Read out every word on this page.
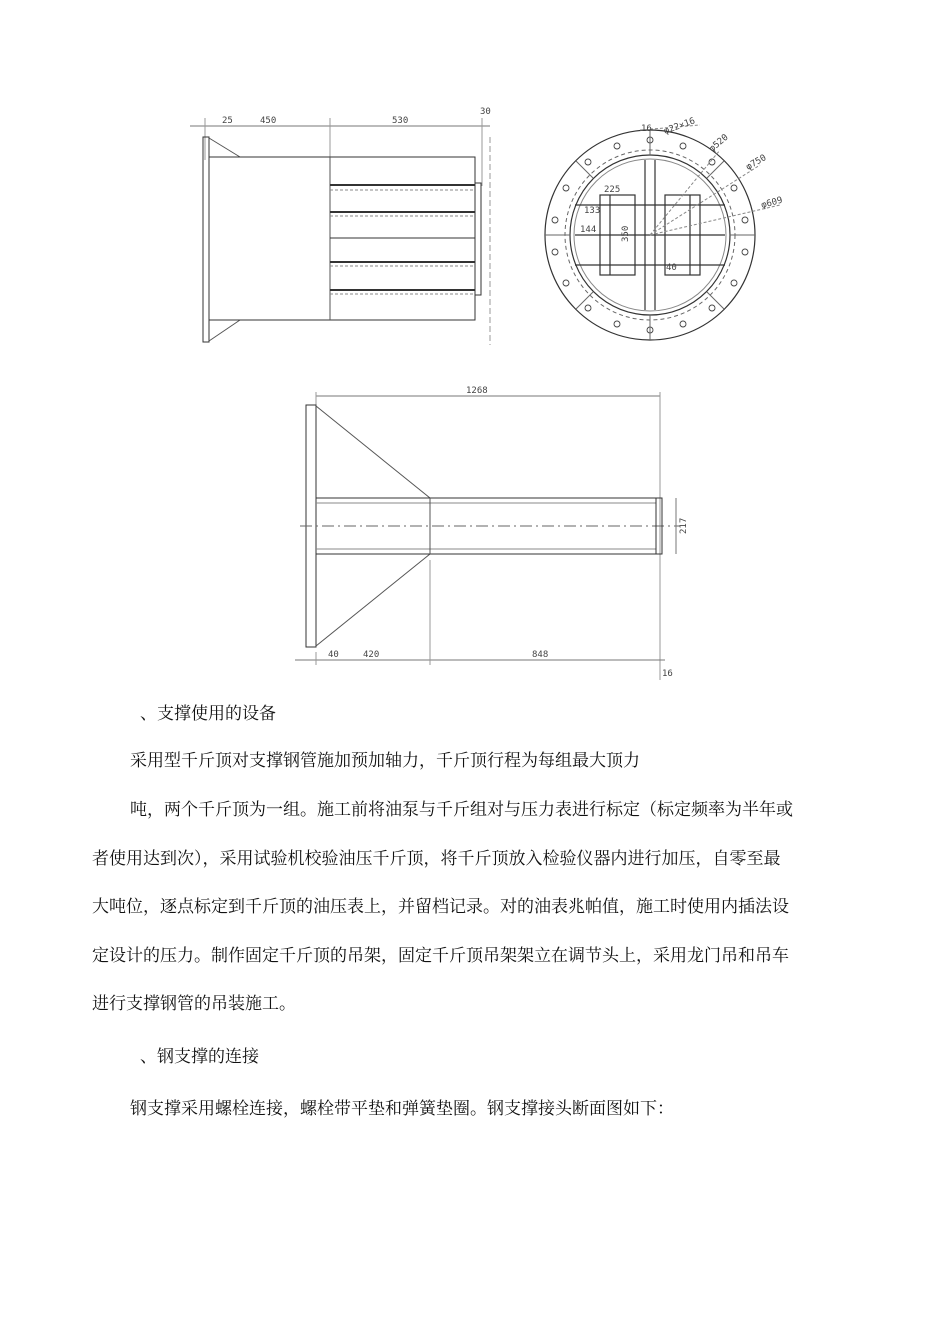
25	450	530
30
16 φ22×16
φ520
φ750
φ609
225
144
133
40
350
1268
40	420	848
16
217

、支撑使用的设备

采用型千斤顶对支撑钢管施加预加轴力，千斤顶行程为每组最大顶力

吨，两个千斤顶为一组。施工前将油泵与千斤组对与压力表进行标定（标定频率为半年或

者使用达到次），采用试验机校验油压千斤顶，将千斤顶放入检验仪器内进行加压，自零至最

大吨位，逐点标定到千斤顶的油压表上，并留档记录。对的油表兆帕值，施工时使用内插法设

定设计的压力。制作固定千斤顶的吊架，固定千斤顶吊架架立在调节头上，采用龙门吊和吊车

进行支撑钢管的吊装施工。

、钢支撑的连接

钢支撑采用螺栓连接，螺栓带平垫和弹簧垫圈。钢支撑接头断面图如下：
